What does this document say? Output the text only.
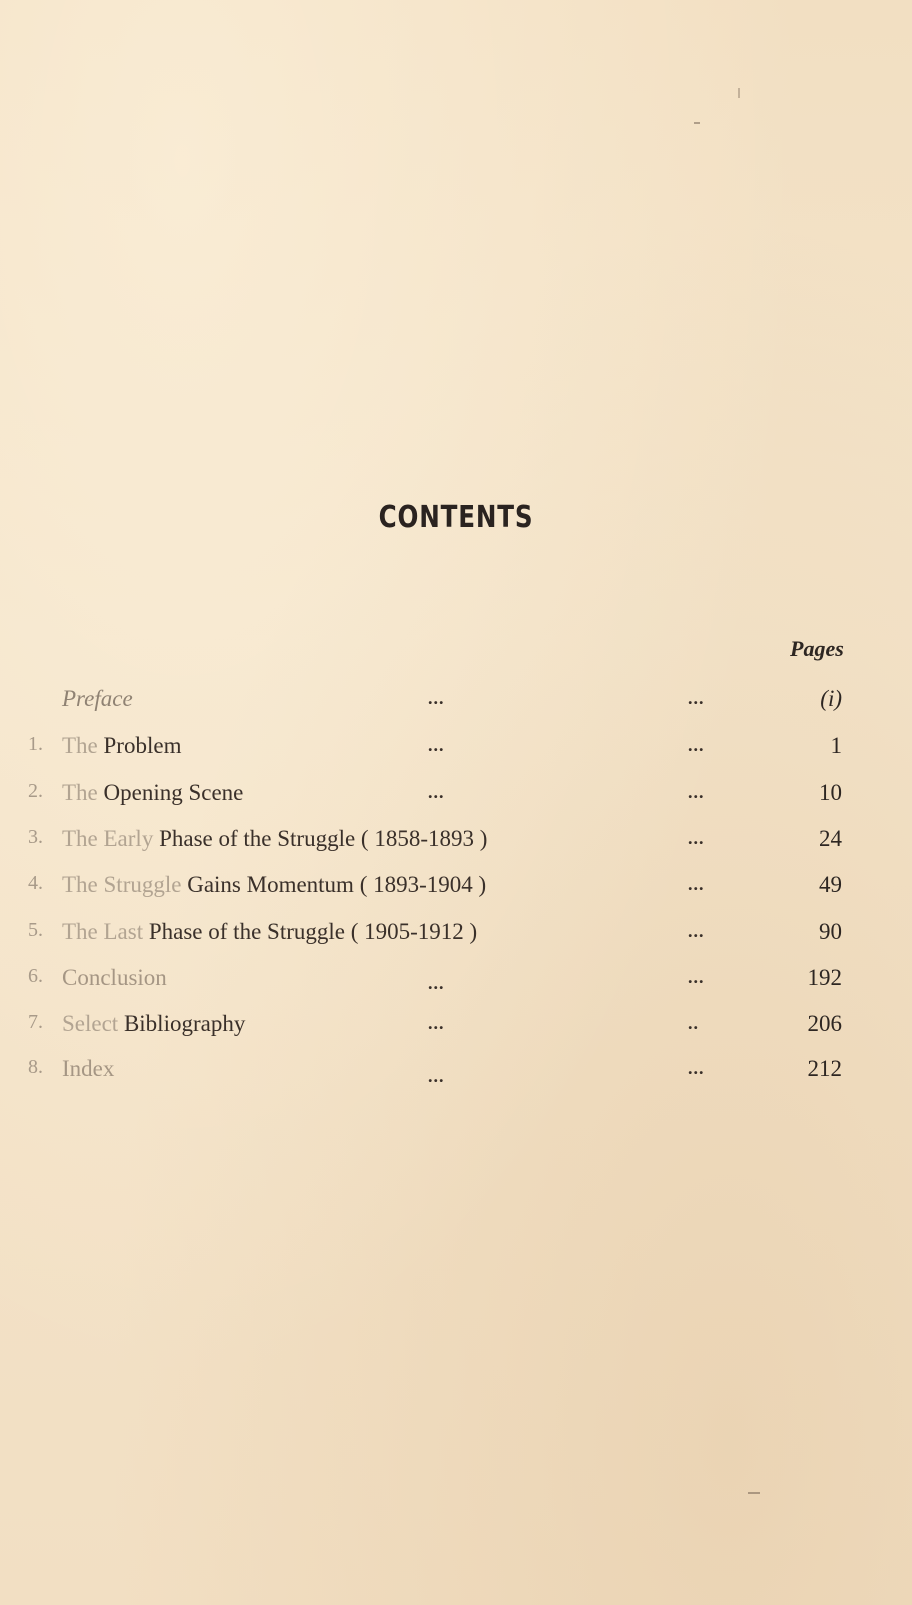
CONTENTS
Pages
Preface	...	...	(i)
1. The Problem	...	...	1
2. The Opening Scene	...	...	10
3. The Early Phase of the Struggle ( 1858-1893 )	...	24
4. The Struggle Gains Momentum ( 1893-1904 )	...	49
5. The Last Phase of the Struggle ( 1905-1912 )	...	90
6. Conclusion	...	...	192
7. Select Bibliography	...	..	206
8. Index	...	...	212
